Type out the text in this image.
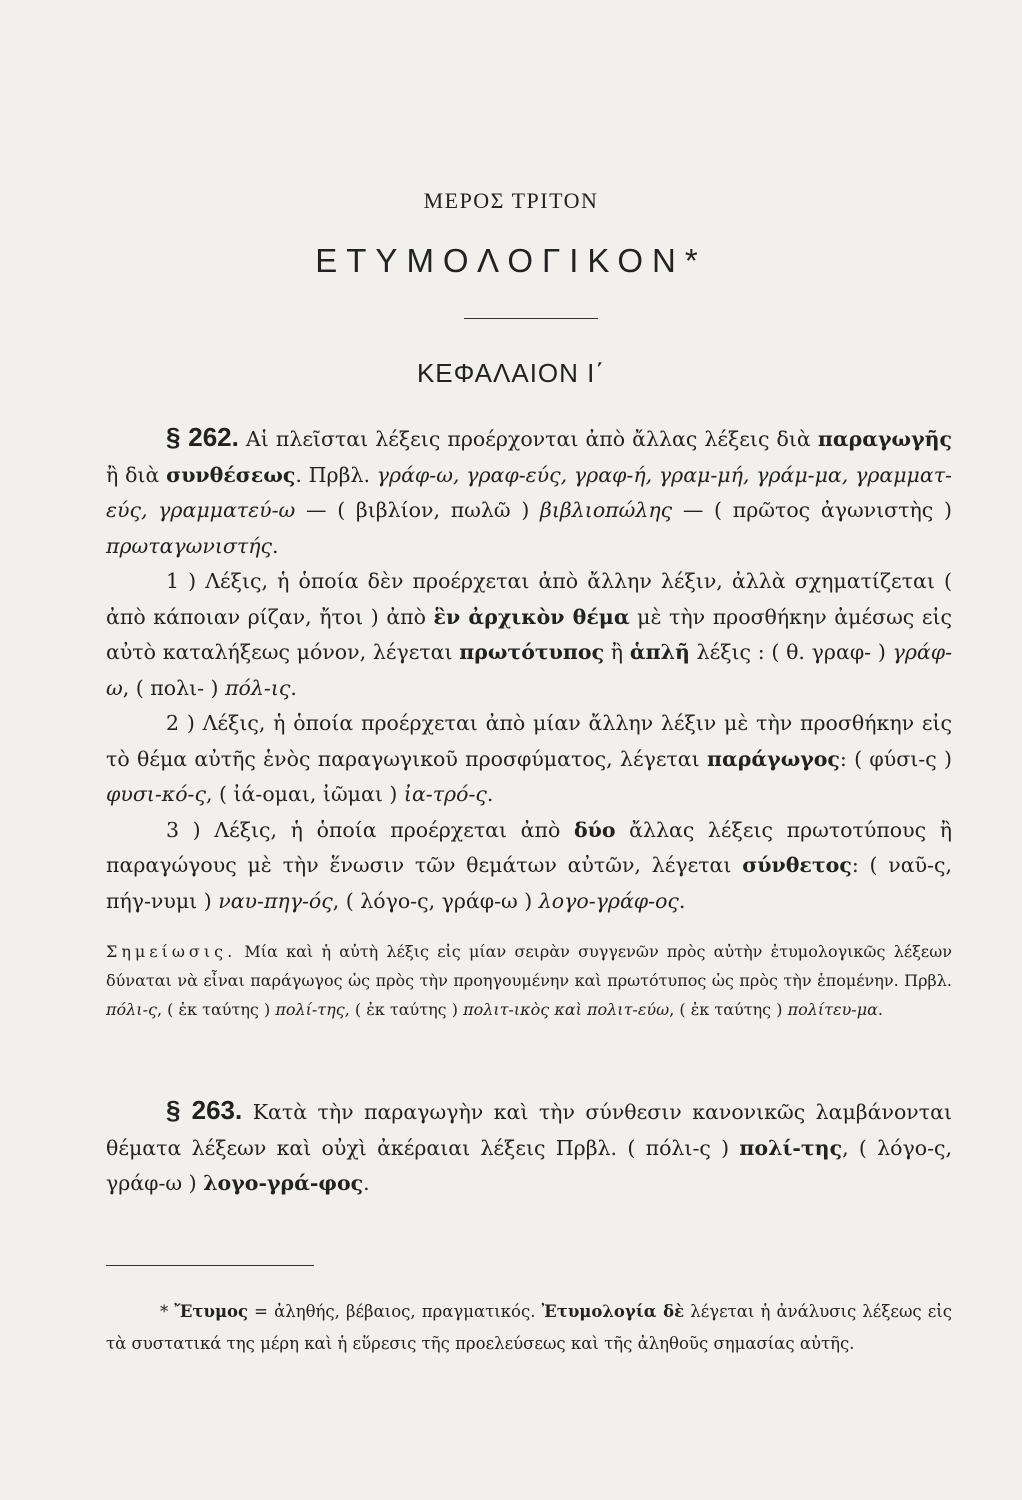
ΜΕΡΟΣ ΤΡΙΤΟΝ
ΕΤΥΜΟΛΟΓΙΚΟΝ*
ΚΕΦΑΛΑΙΟΝ Ι΄

§ 262. Αἱ πλεῖσται λέξεις προέρχονται ἀπὸ ἄλλας λέξεις διὰ παραγωγῆς ἢ διὰ συνθέσεως. Πρβλ. γράφ-ω, γραφ-εύς, γραφ-ή, γραμ-μή, γράμ-μα, γραμματ-εύς, γραμματεύ-ω — ( βιβλίον, πωλῶ ) βιβλιοπώλης — ( πρῶτος ἀγωνιστὴς ) πρωταγωνιστής.

1 ) Λέξις, ἡ ὁποία δὲν προέρχεται ἀπὸ ἄλλην λέξιν, ἀλλὰ σχηματίζεται ( ἀπὸ κάποιαν ρίζαν, ἤτοι ) ἀπὸ ἓν ἀρχικὸν θέμα μὲ τὴν προσθήκην ἀμέσως εἰς αὐτὸ καταλήξεως μόνον, λέγεται πρωτότυπος ἢ ἁπλῆ λέξις : ( θ. γραφ- ) γράφ-ω, ( πολι- ) πόλ-ις.

2 ) Λέξις, ἡ ὁποία προέρχεται ἀπὸ μίαν ἄλλην λέξιν μὲ τὴν προσθήκην εἰς τὸ θέμα αὐτῆς ἑνὸς παραγωγικοῦ προσφύματος, λέγεται παράγωγος: ( φύσι-ς ) φυσι-κό-ς, ( ἰά-ομαι, ἰῶμαι ) ἰα-τρό-ς.

3 ) Λέξις, ἡ ὁποία προέρχεται ἀπὸ δύο ἄλλας λέξεις πρωτοτύπους ἢ παραγώγους μὲ τὴν ἕνωσιν τῶν θεμάτων αὐτῶν, λέγεται σύνθετος: ( ναῦ-ς, πήγ-νυμι ) ναυ-πηγ-ός, ( λόγο-ς, γράφ-ω ) λογο-γράφ-ος.

Σημείωσις. Μία καὶ ἡ αὐτὴ λέξις εἰς μίαν σειρὰν συγγενῶν πρὸς αὐτὴν ἐτυμολογικῶς λέξεων δύναται νὰ εἶναι παράγωγος ὡς πρὸς τὴν προηγουμένην καὶ πρωτότυπος ὡς πρὸς τὴν ἑπομένην. Πρβλ. πόλι-ς, ( ἐκ ταύτης ) πολί-της, ( ἐκ ταύτης ) πολιτ-ικὸς καὶ πολιτ-εύω, ( ἐκ ταύτης ) πολίτευ-μα.

§ 263. Κατὰ τὴν παραγωγὴν καὶ τὴν σύνθεσιν κανονικῶς λαμβάνονται θέματα λέξεων καὶ οὐχὶ ἀκέραιαι λέξεις Πρβλ. ( πόλι-ς ) πολί-της, ( λόγο-ς, γράφ-ω ) λογο-γρά-φος.

* Ἔτυμος = ἀληθής, βέβαιος, πραγματικός. Ἐτυμολογία δὲ λέγεται ἡ ἀνάλυσις λέξεως εἰς τὰ συστατικά της μέρη καὶ ἡ εὕρεσις τῆς προελεύσεως καὶ τῆς ἀληθοῦς σημασίας αὐτῆς.
